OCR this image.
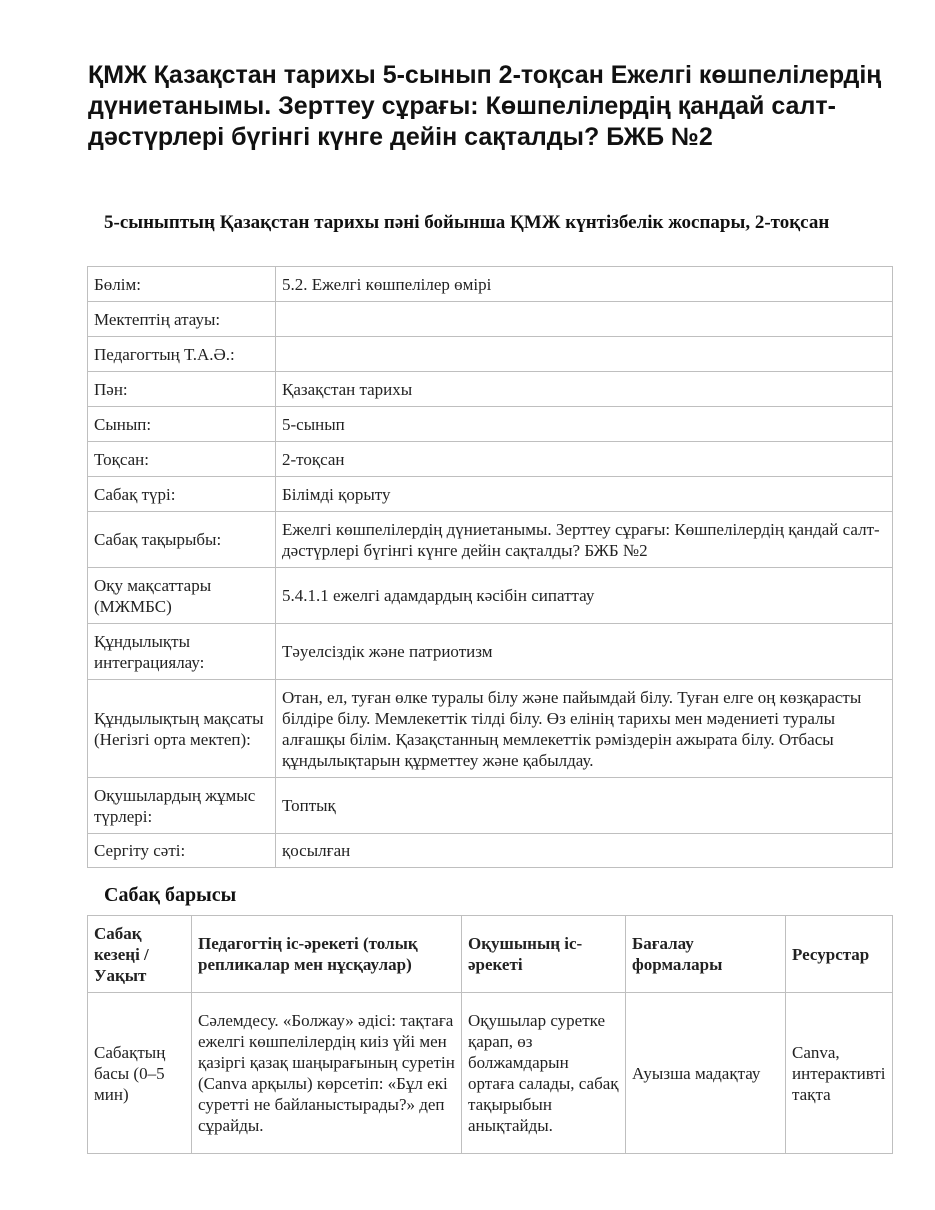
ҚМЖ Қазақстан тарихы 5-сынып 2-тоқсан Ежелгі көшпелілердің дүниетанымы. Зерттеу сұрағы: Көшпелілердің қандай салт-дәстүрлері бүгінгі күнге дейін сақталды? БЖБ №2
5-сыныптың Қазақстан тарихы пәні бойынша ҚМЖ күнтізбелік жоспары, 2-тоқсан
Бөлім:	5.2. Ежелгі көшпелілер өмірі
Мектептің атауы:	
Педагогтың Т.А.Ә.:	
Пән:	Қазақстан тарихы
Сынып:	5-сынып
Тоқсан:	2-тоқсан
Сабақ түрі:	Білімді қорыту
Сабақ тақырыбы:	Ежелгі көшпелілердің дүниетанымы. Зерттеу сұрағы: Көшпелілердің қандай салт-дәстүрлері бүгінгі күнге дейін сақталды? БЖБ №2
Оқу мақсаттары (МЖМБС)	5.4.1.1 ежелгі адамдардың кәсібін сипаттау
Құндылықты интеграциялау:	Тәуелсіздік және патриотизм
Құндылықтың мақсаты (Негізгі орта мектеп):	Отан, ел, туған өлке туралы білу және пайымдай білу. Туған елге оң көзқарасты білдіре білу. Мемлекеттік тілді білу. Өз елінің тарихы мен мәдениеті туралы алғашқы білім. Қазақстанның мемлекеттік рәміздерін ажырата білу. Отбасы құндылықтарын құрметтеу және қабылдау.
Оқушылардың жұмыс түрлері:	Топтық
Сергіту сәті:	қосылған
Сабақ барысы
Сабақ кезеңі / Уақыт	Педагогтің іс-әрекеті (толық репликалар мен нұсқаулар)	Оқушының іс-әрекеті	Бағалау формалары	Ресурстар
Сабақтың басы (0–5 мин)	Сәлемдесу. «Болжау» әдісі: тақтаға ежелгі көшпелілердің киіз үйі мен қазіргі қазақ шаңырағының суретін (Canva арқылы) көрсетіп: «Бұл екі суретті не байланыстырады?» деп сұрайды.	Оқушылар суретке қарап, өз болжамдарын ортаға салады, сабақ тақырыбын анықтайды.	Ауызша мадақтау	Canva, интерактивті тақта
